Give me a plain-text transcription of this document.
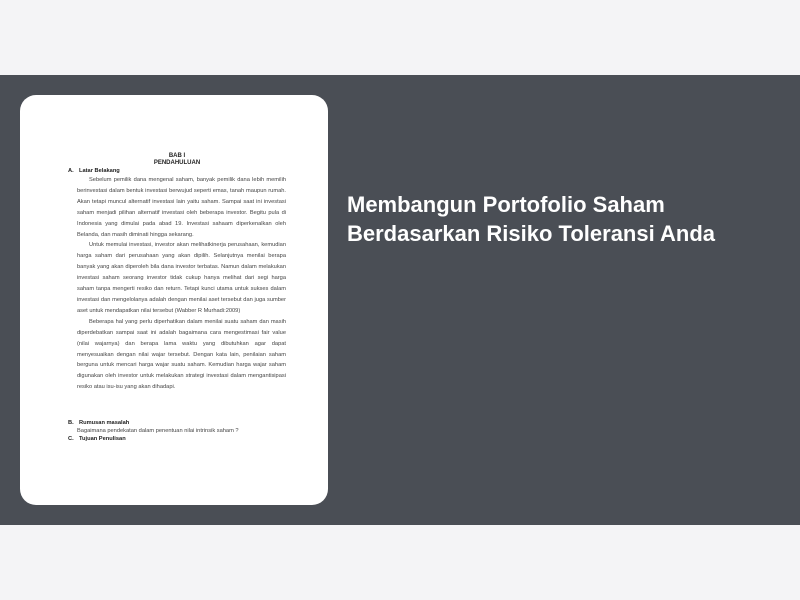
BAB I
PENDAHULUAN
A. Latar Belakang

Sebelum pemilik dana mengenal saham, banyak pemilik dana lebih memilih berinvestasi dalam bentuk investasi berwujud seperti emas, tanah maupun rumah. Akan tetapi muncul alternatif investasi lain yaitu saham. Sampai saat ini investasi saham menjadi pilihan alternatif investasi oleh beberapa investor. Begitu pula di Indonesia yang dimulai pada abad 19. Investasi sahaam diperkenalkan oleh Belanda, dan masih diminati hingga sekarang.

Untuk memulai investasi, investor akan melihatkinerja perusahaan, kemudian harga saham dari perusahaan yang akan dipilih. Selanjutnya menilai berapa banyak yang akan diperoleh bila dana investor terbatas. Namun dalam melakukan investasi saham seorang investor tidak cukup hanya melihat dari segi harga saham tanpa mengerti resiko dan return. Tetapi kunci utama untuk sukses dalam investasi dan mengelolanya adalah dengan menilai aset tersebut dan juga sumber aset untuk mendapatkan nilai tersebut (Wabber R Murhadi:2009)

Beberapa hal yang perlu diperhatikan dalam menilai suatu saham dan masih diperdebatkan sampai saat ini adalah bagaimana cara mengestimasi fair value (nilai wajarnya) dan berapa lama waktu yang dibutuhkan agar dapat menyesuaikan dengan nilai wajar tersebut. Dengan kata lain, penilaian saham berguna untuk mencari harga wajar suatu saham. Kemudian harga wajar saham digunakan oleh investor untuk melakukan strategi investasi dalam mengantisipasi resiko atau isu-isu yang akan dihadapi.

B. Rumusan masalah

Bagaimana pendekatan dalam penentuan nilai intrinsik saham ?

C. Tujuan Penulisan
Membangun Portofolio Saham Berdasarkan Risiko Toleransi Anda
